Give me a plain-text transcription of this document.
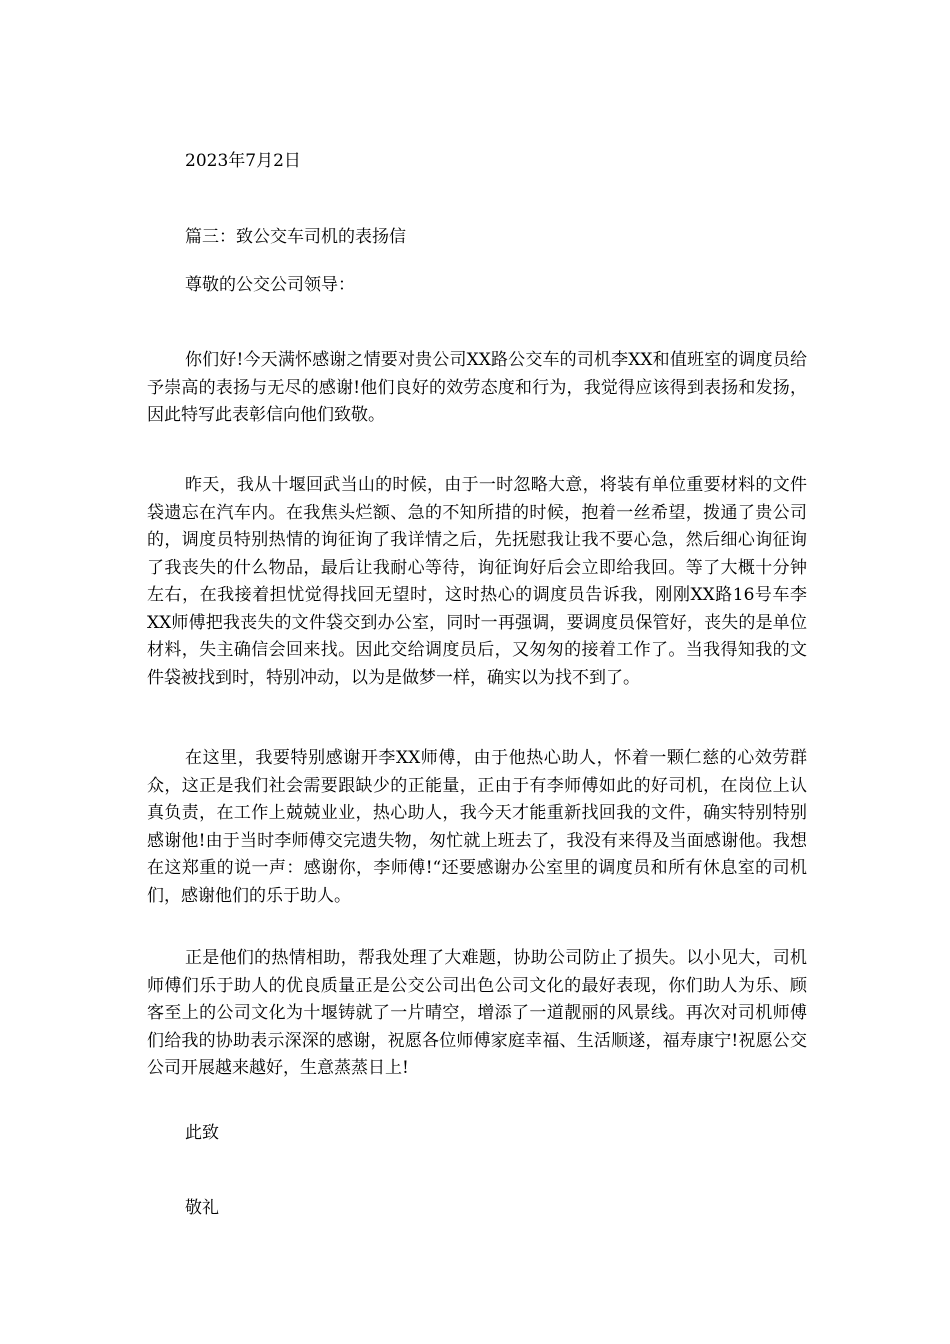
2023年7月2日
篇三：致公交车司机的表扬信
尊敬的公交公司领导：
你们好!今天满怀感谢之情要对贵公司XX路公交车的司机李XX和值班室的调度员给予崇高的表扬与无尽的感谢!他们良好的效劳态度和行为，我觉得应该得到表扬和发扬，因此特写此表彰信向他们致敬。
昨天，我从十堰回武当山的时候，由于一时忽略大意，将装有单位重要材料的文件袋遗忘在汽车内。在我焦头烂额、急的不知所措的时候，抱着一丝希望，拨通了贵公司的，调度员特别热情的询征询了我详情之后，先抚慰我让我不要心急，然后细心询征询了我丧失的什么物品，最后让我耐心等待，询征询好后会立即给我回。等了大概十分钟左右，在我接着担忧觉得找回无望时，这时热心的调度员告诉我，刚刚XX路16号车李XX师傅把我丧失的文件袋交到办公室，同时一再强调，要调度员保管好，丧失的是单位材料，失主确信会回来找。因此交给调度员后，又匆匆的接着工作了。当我得知我的文件袋被找到时，特别冲动，以为是做梦一样，确实以为找不到了。
在这里，我要特别感谢开李XX师傅，由于他热心助人，怀着一颗仁慈的心效劳群众，这正是我们社会需要跟缺少的正能量，正由于有李师傅如此的好司机，在岗位上认真负责，在工作上兢兢业业，热心助人，我今天才能重新找回我的文件，确实特别特别感谢他!由于当时李师傅交完遗失物，匆忙就上班去了，我没有来得及当面感谢他。我想在这郑重的说一声：感谢你，李师傅!“还要感谢办公室里的调度员和所有休息室的司机们，感谢他们的乐于助人。
正是他们的热情相助，帮我处理了大难题，协助公司防止了损失。以小见大，司机师傅们乐于助人的优良质量正是公交公司出色公司文化的最好表现，你们助人为乐、顾客至上的公司文化为十堰铸就了一片晴空，增添了一道靓丽的风景线。再次对司机师傅们给我的协助表示深深的感谢，祝愿各位师傅家庭幸福、生活顺遂，福寿康宁!祝愿公交公司开展越来越好，生意蒸蒸日上!
此致
敬礼
